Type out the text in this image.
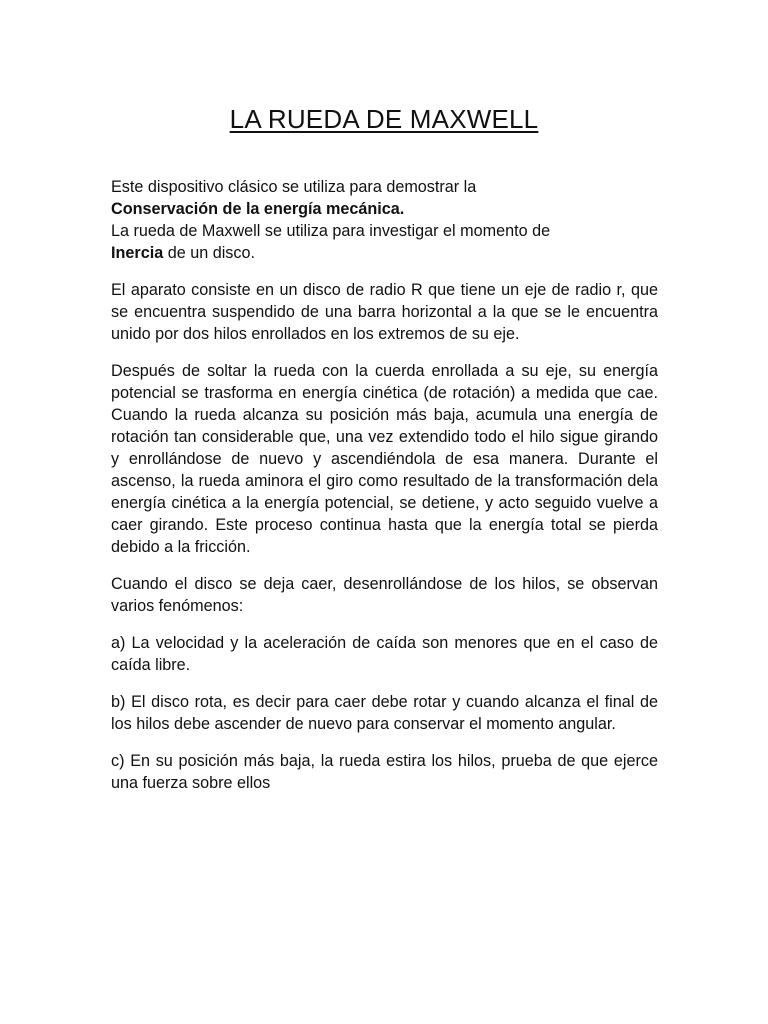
LA RUEDA DE MAXWELL

Este dispositivo clásico se utiliza para demostrar la
Conservación de la energía mecánica.
La rueda de Maxwell se utiliza para investigar el momento de
Inercia de un disco.

El aparato consiste en un disco de radio R que tiene un eje de radio r, que se encuentra suspendido de una barra horizontal a la que se le encuentra unido por dos hilos enrollados en los extremos de su eje.

Después de soltar la rueda con la cuerda enrollada a su eje, su energía potencial se trasforma en energía cinética (de rotación) a medida que cae. Cuando la rueda alcanza su posición más baja, acumula una energía de rotación tan considerable que, una vez extendido todo el hilo sigue girando y enrollándose de nuevo y ascendiéndola de esa manera. Durante el ascenso, la rueda aminora el giro como resultado de la transformación dela energía cinética a la energía potencial, se detiene, y acto seguido vuelve a caer girando. Este proceso continua hasta que la energía total se pierda debido a la fricción.

Cuando el disco se deja caer, desenrollándose de los hilos, se observan varios fenómenos:

a) La velocidad y la aceleración de caída son menores que en el caso de caída libre.

b) El disco rota, es decir para caer debe rotar y cuando alcanza el final de los hilos debe ascender de nuevo para conservar el momento angular.

c) En su posición más baja, la rueda estira los hilos, prueba de que ejerce una fuerza sobre ellos
